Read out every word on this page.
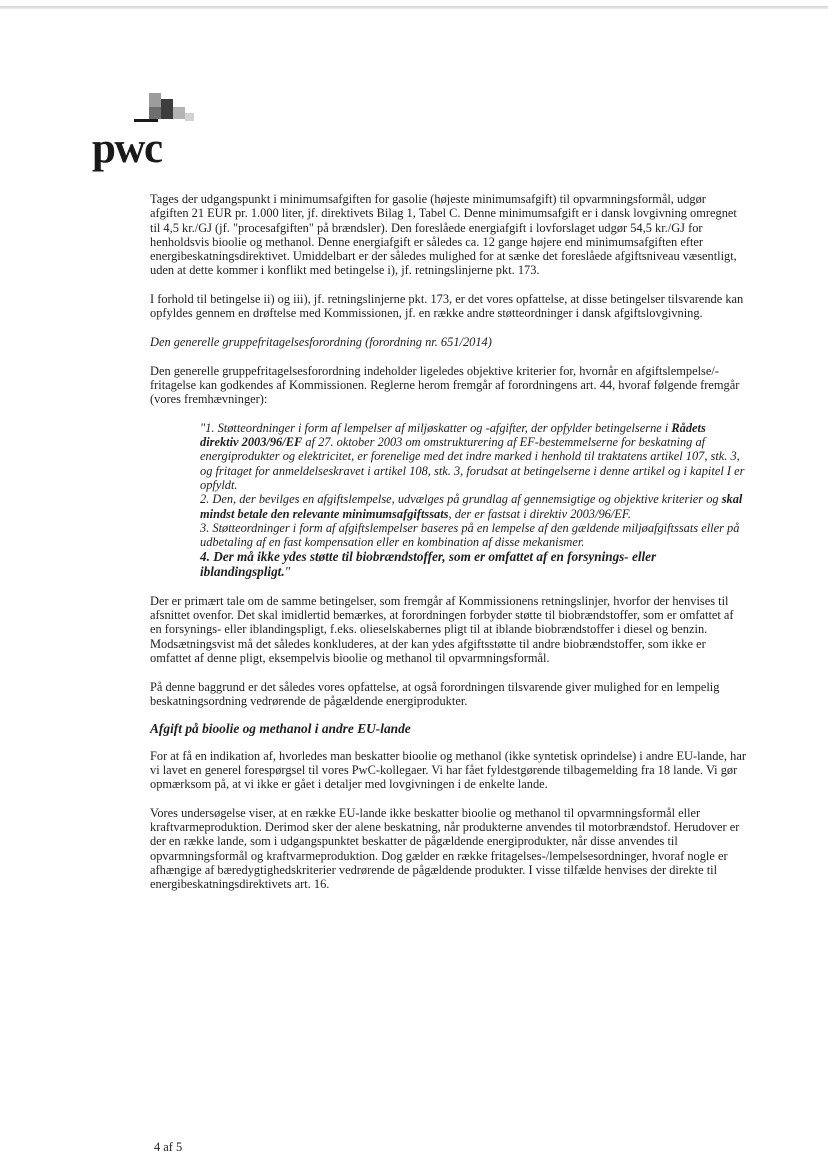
pwc

Tages der udgangspunkt i minimumsafgiften for gasolie (højeste minimumsafgift) til opvarmningsformål, udgør afgiften 21 EUR pr. 1.000 liter, jf. direktivets Bilag 1, Tabel C. Denne minimumsafgift er i dansk lovgivning omregnet til 4,5 kr./GJ (jf. "procesafgiften" på brændsler). Den foreslåede energiafgift i lovforslaget udgør 54,5 kr./GJ for henholdsvis bioolie og methanol. Denne energiafgift er således ca. 12 gange højere end minimumsafgiften efter energibeskatningsdirektivet. Umiddelbart er der således mulighed for at sænke det foreslåede afgiftsniveau væsentligt, uden at dette kommer i konflikt med betingelse i), jf. retningslinjerne pkt. 173.

I forhold til betingelse ii) og iii), jf. retningslinjerne pkt. 173, er det vores opfattelse, at disse betingelser tilsvarende kan opfyldes gennem en drøftelse med Kommissionen, jf. en række andre støtteordninger i dansk afgiftslovgivning.

Den generelle gruppefritagelsesforordning (forordning nr. 651/2014)

Den generelle gruppefritagelsesforordning indeholder ligeledes objektive kriterier for, hvornår en afgiftslempelse/-fritagelse kan godkendes af Kommissionen. Reglerne herom fremgår af forordningens art. 44, hvoraf følgende fremgår (vores fremhævninger):

"1. Støtteordninger i form af lempelser af miljøskatter og -afgifter, der opfylder betingelserne i Rådets direktiv 2003/96/EF af 27. oktober 2003 om omstrukturering af EF-bestemmelserne for beskatning af energiprodukter og elektricitet, er forenelige med det indre marked i henhold til traktatens artikel 107, stk. 3, og fritaget for anmeldelseskravet i artikel 108, stk. 3, forudsat at betingelserne i denne artikel og i kapitel I er opfyldt.
2. Den, der bevilges en afgiftslempelse, udvælges på grundlag af gennemsigtige og objektive kriterier og skal mindst betale den relevante minimumsafgiftssats, der er fastsat i direktiv 2003/96/EF.
3. Støtteordninger i form af afgiftslempelser baseres på en lempelse af den gældende miljøafgiftssats eller på udbetaling af en fast kompensation eller en kombination af disse mekanismer.
4. Der må ikke ydes støtte til biobrændstoffer, som er omfattet af en forsynings- eller iblandingspligt."

Der er primært tale om de samme betingelser, som fremgår af Kommissionens retningslinjer, hvorfor der henvises til afsnittet ovenfor. Det skal imidlertid bemærkes, at forordningen forbyder støtte til biobrændstoffer, som er omfattet af en forsynings- eller iblandingspligt, f.eks. olieselskabernes pligt til at iblande biobrændstoffer i diesel og benzin. Modsætningsvist må det således konkluderes, at der kan ydes afgiftsstøtte til andre biobrændstoffer, som ikke er omfattet af denne pligt, eksempelvis bioolie og methanol til opvarmningsformål.

På denne baggrund er det således vores opfattelse, at også forordningen tilsvarende giver mulighed for en lempelig beskatningsordning vedrørende de pågældende energiprodukter.

Afgift på bioolie og methanol i andre EU-lande

For at få en indikation af, hvorledes man beskatter bioolie og methanol (ikke syntetisk oprindelse) i andre EU-lande, har vi lavet en generel forespørgsel til vores PwC-kollegaer. Vi har fået fyldestgørende tilbagemelding fra 18 lande. Vi gør opmærksom på, at vi ikke er gået i detaljer med lovgivningen i de enkelte lande.

Vores undersøgelse viser, at en række EU-lande ikke beskatter bioolie og methanol til opvarmningsformål eller kraftvarmeproduktion. Derimod sker der alene beskatning, når produkterne anvendes til motorbrændstof. Herudover er der en række lande, som i udgangspunktet beskatter de pågældende energiprodukter, når disse anvendes til opvarmningsformål og kraftvarmeproduktion. Dog gælder en række fritagelses-/lempelsesordninger, hvoraf nogle er afhængige af bæredygtighedskriterier vedrørende de pågældende produkter. I visse tilfælde henvises der direkte til energibeskatningsdirektivets art. 16.

4 af 5
